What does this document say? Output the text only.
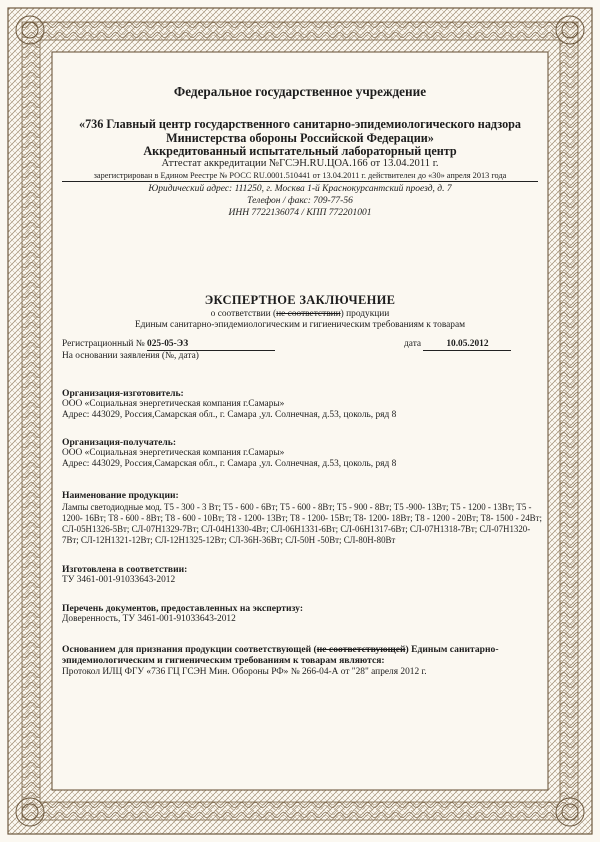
Федеральное государственное учреждение
«736 Главный центр государственного санитарно-эпидемиологического надзора
Министерства обороны Российской Федерации»
Аккредитованный испытательный лабораторный центр
Аттестат аккредитации №ГСЭН.RU.ЦОА.166 от 13.04.2011 г.
зарегистрирован в Едином Реестре № РОСС RU.0001.510441 от 13.04.2011 г. действителен до «30» апреля 2013 года
Юридический адрес: 111250, г. Москва 1-й Краснокурсантский проезд, д. 7
Телефон / факс: 709-77-56
ИНН 7722136074 / КПП 772201001
ЭКСПЕРТНОЕ ЗАКЛЮЧЕНИЕ
о соответствии (не соответствии) продукции
Единым санитарно-эпидемиологическим и гигиеническим требованиям к товарам
Регистрационный № 025-05-ЭЗ	дата	10.05.2012
На основании заявления (№, дата)
Организация-изготовитель:
ООО «Социальная энергетическая компания г.Самары»
Адрес: 443029, Россия,Самарская обл., г. Самара ,ул. Солнечная, д.53, цоколь, ряд 8
Организация-получатель:
ООО «Социальная энергетическая компания г.Самары»
Адрес: 443029, Россия,Самарская обл., г. Самара ,ул. Солнечная, д.53, цоколь, ряд 8
Наименование продукции:
Лампы светодиодные мод. Т5 - 300 - 3 Вт; Т5 - 600 - 6Вт; Т5 - 600 - 8Вт; Т5 - 900 - 8Вт; Т5 -900- 13Вт; Т5 - 1200 - 13Вт; Т5 -
1200- 16Вт; Т8 - 600 - 8Вт; Т8 - 600 - 10Вт; Т8 - 1200- 13Вт; Т8 - 1200- 15Вт; Т8- 1200- 18Вт; Т8 - 1200 - 20Вт; Т8- 1500 - 24Вт;
СЛ-05Н1326-5Вт; СЛ-07Н1329-7Вт; СЛ-04Н1330-4Вт; СЛ-06Н1331-6Вт; СЛ-06Н1317-6Вт; СЛ-07Н1318-7Вт; СЛ-07Н1320-
7Вт; СЛ-12Н1321-12Вт; СЛ-12Н1325-12Вт; СЛ-36Н-36Вт; СЛ-50Н -50Вт; СЛ-80Н-80Вт
Изготовлена в соответствии:
ТУ 3461-001-91033643-2012
Перечень документов, предоставленных на экспертизу:
Доверенность, ТУ 3461-001-91033643-2012
Основанием для признания продукции соответствующей (не соответствующей) Единым санитарно-
эпидемиологическим и гигиеническим требованиям к товарам являются:
Протокол ИЛЦ ФГУ «736 ГЦ ГСЭН Мин. Обороны РФ» № 266-04-А от "28" апреля 2012 г.
